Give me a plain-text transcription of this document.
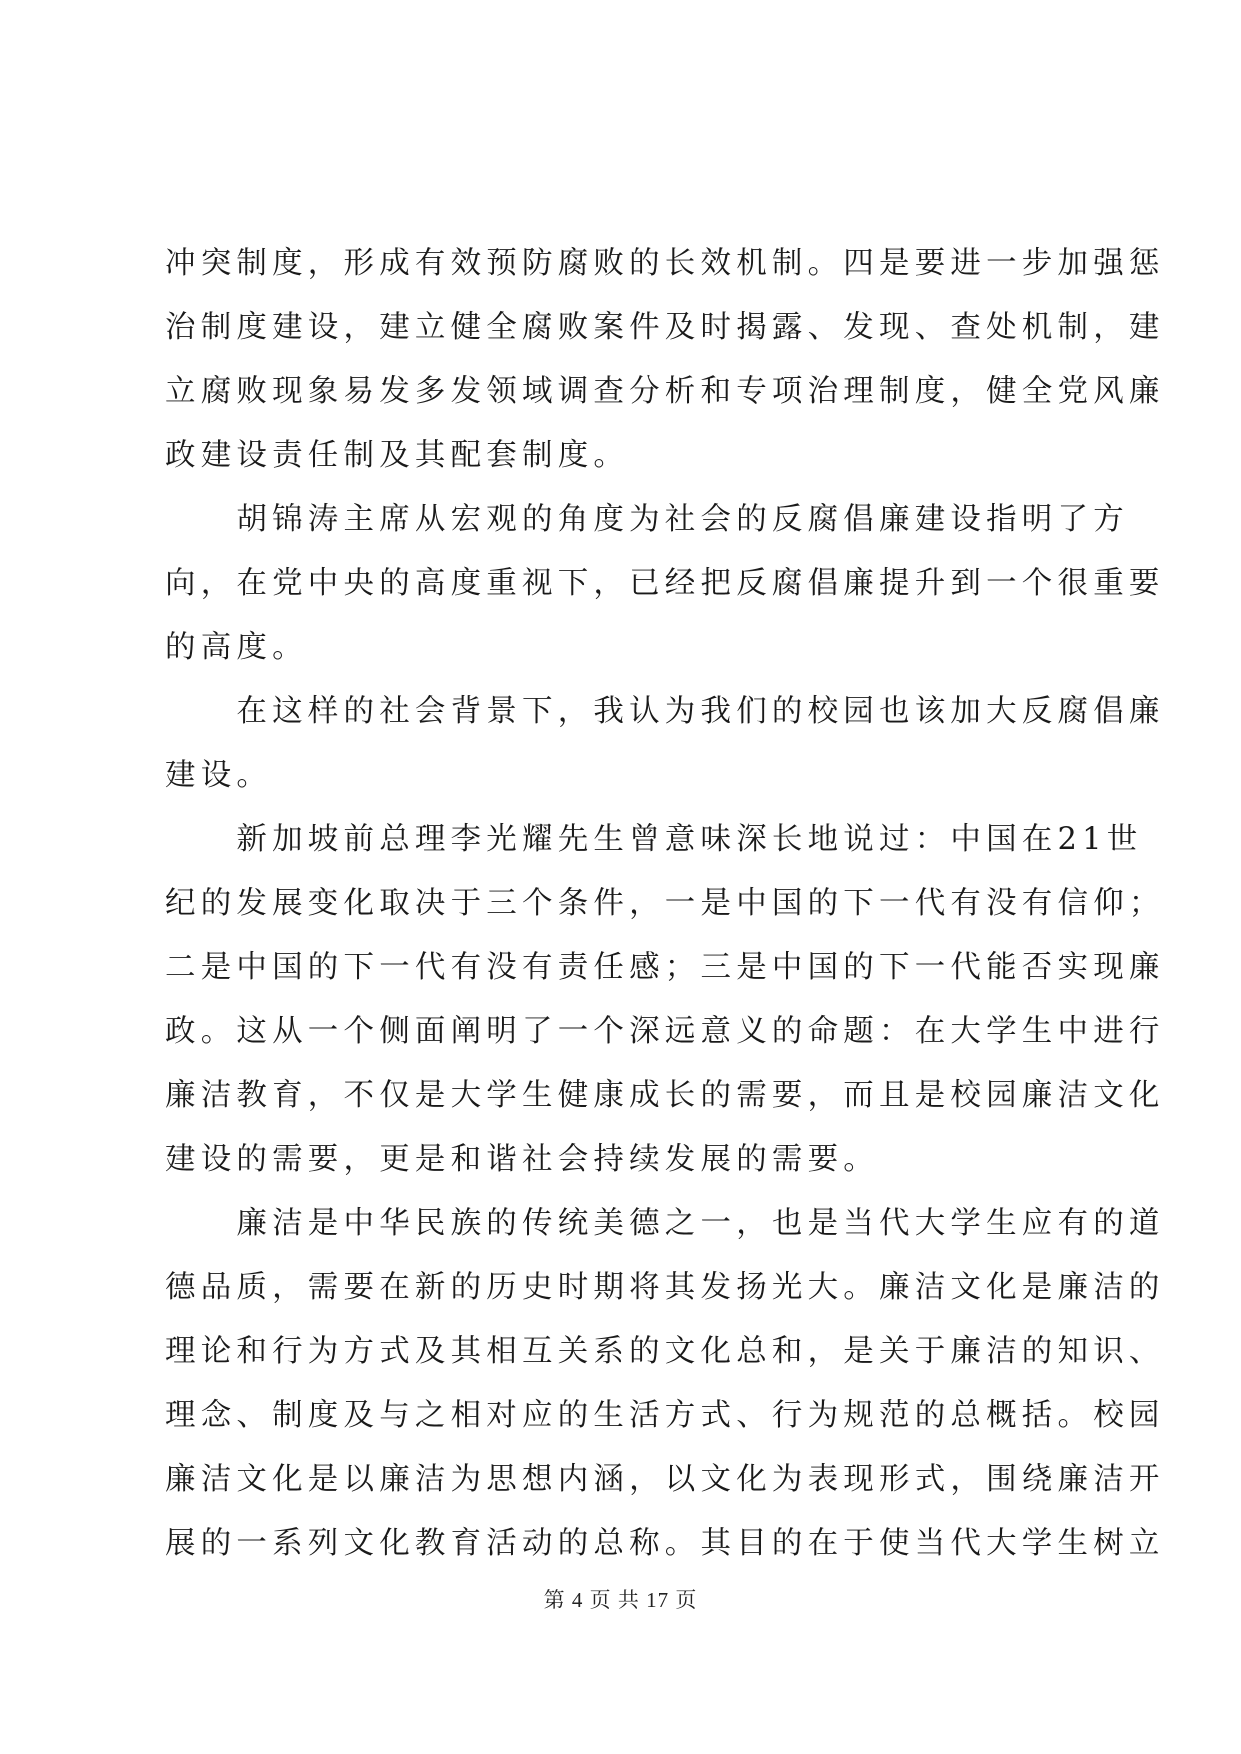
冲突制度，形成有效预防腐败的长效机制。四是要进一步加强惩
治制度建设，建立健全腐败案件及时揭露、发现、查处机制，建
立腐败现象易发多发领域调查分析和专项治理制度，健全党风廉
政建设责任制及其配套制度。
　　胡锦涛主席从宏观的角度为社会的反腐倡廉建设指明了方
向，在党中央的高度重视下，已经把反腐倡廉提升到一个很重要
的高度。
　　在这样的社会背景下，我认为我们的校园也该加大反腐倡廉
建设。
　　新加坡前总理李光耀先生曾意味深长地说过：中国在21世
纪的发展变化取决于三个条件，一是中国的下一代有没有信仰；
二是中国的下一代有没有责任感；三是中国的下一代能否实现廉
政。这从一个侧面阐明了一个深远意义的命题：在大学生中进行
廉洁教育，不仅是大学生健康成长的需要，而且是校园廉洁文化
建设的需要，更是和谐社会持续发展的需要。
　　廉洁是中华民族的传统美德之一，也是当代大学生应有的道
德品质，需要在新的历史时期将其发扬光大。廉洁文化是廉洁的
理论和行为方式及其相互关系的文化总和，是关于廉洁的知识、
理念、制度及与之相对应的生活方式、行为规范的总概括。校园
廉洁文化是以廉洁为思想内涵，以文化为表现形式，围绕廉洁开
展的一系列文化教育活动的总称。其目的在于使当代大学生树立
第 4 页 共 17 页
